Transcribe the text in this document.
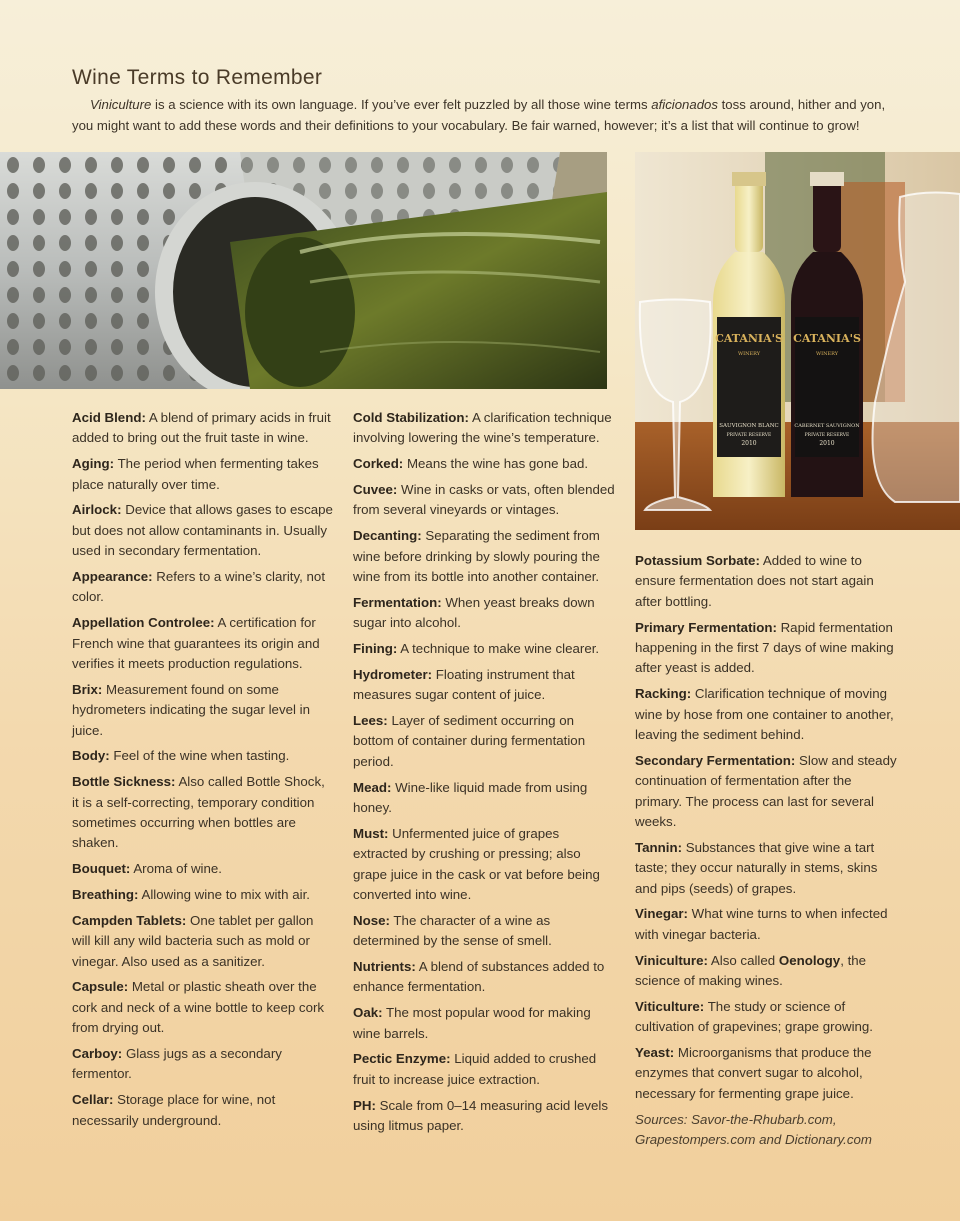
Wine Terms to Remember

Viniculture is a science with its own language. If you’ve ever felt puzzled by all those wine terms aficionados toss around, hither and yon, you might want to add these words and their definitions to your vocabulary. Be fair warned, however; it’s a list that will continue to grow!

CATANIA'S
WINERY
SAUVIGNON BLANC
PRIVATE RESERVE
2010
CATANIA'S
WINERY
CABERNET SAUVIGNON
PRIVATE RESERVE
2010

Acid Blend: A blend of primary acids in fruit added to bring out the fruit taste in wine.

Aging: The period when fermenting takes place naturally over time.

Airlock: Device that allows gases to escape but does not allow contaminants in. Usually used in secondary fermentation.

Appearance: Refers to a wine’s clarity, not color.

Appellation Controlee: A certification for French wine that guarantees its origin and verifies it meets production regulations.

Brix: Measurement found on some hydrometers indicating the sugar level in juice.

Body: Feel of the wine when tasting.

Bottle Sickness: Also called Bottle Shock, it is a self-correcting, temporary condition sometimes occurring when bottles are shaken.

Bouquet: Aroma of wine.

Breathing: Allowing wine to mix with air.

Campden Tablets: One tablet per gallon will kill any wild bacteria such as mold or vinegar. Also used as a sanitizer.

Capsule: Metal or plastic sheath over the cork and neck of a wine bottle to keep cork from drying out.

Carboy: Glass jugs as a secondary fermentor.

Cellar: Storage place for wine, not necessarily underground.

Cold Stabilization: A clarification technique involving lowering the wine’s temperature.

Corked: Means the wine has gone bad.

Cuvee: Wine in casks or vats, often blended from several vineyards or vintages.

Decanting: Separating the sediment from wine before drinking by slowly pouring the wine from its bottle into another container.

Fermentation: When yeast breaks down sugar into alcohol.

Fining: A technique to make wine clearer.

Hydrometer: Floating instrument that measures sugar content of juice.

Lees: Layer of sediment occurring on bottom of container during fermentation period.

Mead: Wine-like liquid made from using honey.

Must: Unfermented juice of grapes extracted by crushing or pressing; also grape juice in the cask or vat before being converted into wine.

Nose: The character of a wine as determined by the sense of smell.

Nutrients: A blend of substances added to enhance fermentation.

Oak: The most popular wood for making wine barrels.

Pectic Enzyme: Liquid added to crushed fruit to increase juice extraction.

PH: Scale from 0–14 measuring acid levels using litmus paper.

Potassium Sorbate: Added to wine to ensure fermentation does not start again after bottling.

Primary Fermentation: Rapid fermentation happening in the first 7 days of wine making after yeast is added.

Racking: Clarification technique of moving wine by hose from one container to another, leaving the sediment behind.

Secondary Fermentation: Slow and steady continuation of fermentation after the primary. The process can last for several weeks.

Tannin: Substances that give wine a tart taste; they occur naturally in stems, skins and pips (seeds) of grapes.

Vinegar: What wine turns to when infected with vinegar bacteria.

Viniculture: Also called Oenology, the science of making wines.

Viticulture: The study or science of cultivation of grapevines; grape growing.

Yeast: Microorganisms that produce the enzymes that convert sugar to alcohol, necessary for fermenting grape juice.

Sources: Savor-the-Rhubarb.com, Grapestompers.com and Dictionary.com
